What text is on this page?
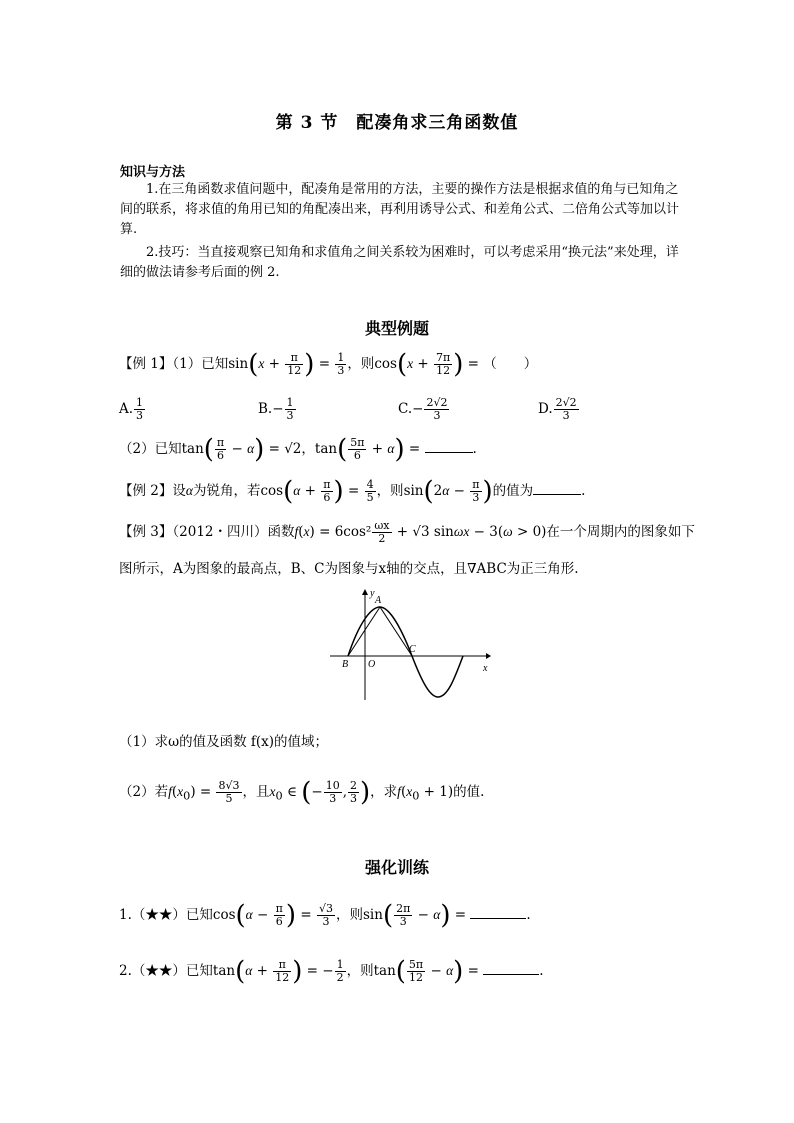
第 3 节　配凑角求三角函数值
知识与方法
1.在三角函数求值问题中，配凑角是常用的方法，主要的操作方法是根据求值的角与已知角之间的联系，将求值的角用已知的角配凑出来，再利用诱导公式、和差角公式、二倍角公式等加以计算.
2.技巧：当直接观察已知角和求值角之间关系较为困难时，可以考虑采用“换元法”来处理，详细的做法请参考后面的例 2.
典型例题
【例 1】（1）已知$\sin(x + \frac{\pi}{12}$ ) = $\frac{1}{3}$ ，则$\cos(x + \frac{7\pi}{12}$ ) = （　　）
A. $\frac{1}{3}$	$B.- \frac{1}{3}$	$C.- \frac{2√2}{3}$	D. $\frac{2√2}{3}$
（2）已知$\tan( \frac{\pi}{6} - \alpha) = √2$，$\tan( \frac{5\pi}{6} + \alpha)$ =	.
【例 2】设α为锐角，若$\cos(\alpha + \frac{\pi}{6}$ ) = $\frac{4}{5}$ ，则$\sin(2\alpha - \frac{\pi}{3}$ )的值为	.
【例 3】（2012・四川）函数$f(x) = 6\cos^2 \frac{\omega x}{2} + √3$ sinωx − 3(ω > 0)在一个周期内的图象如下
图所示，A为图象的最高点，B、C为图象与x轴的交点，且∇ABC为正三角形.
y
x
A
B
C
O
（1）求ω的值及函数 f(x)的值域；
（2）若$f(x_0) = \frac{8√3}{5}$ ，且$x_0$ ∈ (− $\frac{10}{3}$ , $\frac{2}{3}$ )，求$f(x_0 + 1)$的值.
强化训练
1.（★★）已知$\cos(\alpha - \frac{\pi}{6}$ ) = $\frac{√3}{3}$ ，则$\sin( \frac{2\pi}{3} - \alpha)$ =	.
2.（★★）已知$\tan(\alpha + \frac{\pi}{12}$ ) = − $\frac{1}{2}$ ，则$\tan( \frac{5\pi}{12} - \alpha)$ =	.
